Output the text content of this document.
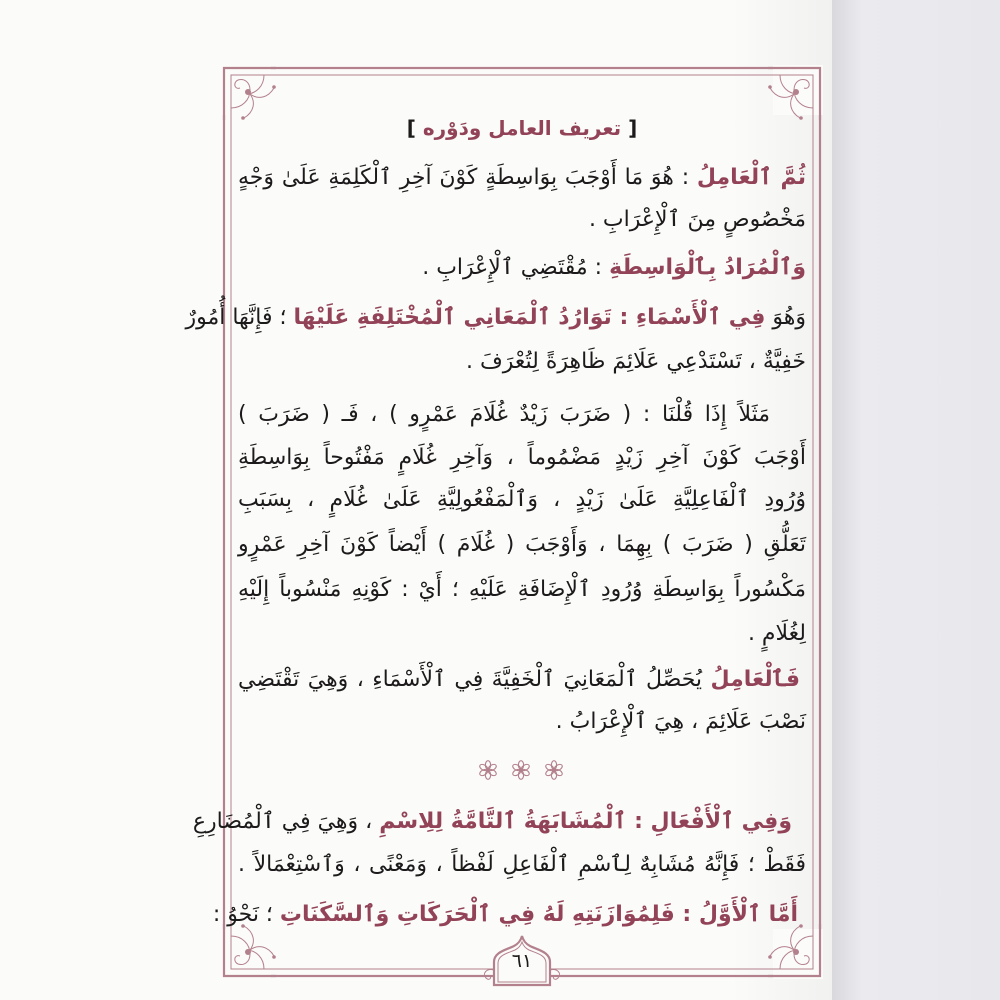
[ تعريف العامل ودَوْره ]
ثُمَّ ٱلْعَامِلُ : هُوَ مَا أَوْجَبَ بِوَاسِطَةٍ كَوْنَ آخِرِ ٱلْكَلِمَةِ عَلَىٰ وَجْهٍ
مَخْصُوصٍ مِنَ ٱلْإِعْرَابِ .
وَٱلْمُرَادُ بِٱلْوَاسِطَةِ : مُقْتَضِي ٱلْإِعْرَابِ .
وَهُوَ فِي ٱلْأَسْمَاءِ : تَوَارُدُ ٱلْمَعَانِي ٱلْمُخْتَلِفَةِ عَلَيْهَا ؛ فَإِنَّهَا أُمُورٌ
خَفِيَّةٌ ، تَسْتَدْعِي عَلَائِمَ ظَاهِرَةً لِتُعْرَفَ .
مَثَلاً إِذَا قُلْنَا : ( ضَرَبَ زَيْدٌ غُلَامَ عَمْرٍو ) ، فَـ ( ضَرَبَ )
أَوْجَبَ كَوْنَ آخِرِ زَيْدٍ مَضْمُوماً ، وَآخِرِ غُلَامٍ مَفْتُوحاً بِوَاسِطَةِ
وُرُودِ ٱلْفَاعِلِيَّةِ عَلَىٰ زَيْدٍ ، وَٱلْمَفْعُولِيَّةِ عَلَىٰ غُلَامٍ ، بِسَبَبِ
تَعَلُّقِ ( ضَرَبَ ) بِهِمَا ، وَأَوْجَبَ ( غُلَامَ ) أَيْضاً كَوْنَ آخِرِ عَمْرٍو
مَكْسُوراً بِوَاسِطَةِ وُرُودِ ٱلْإِضَافَةِ عَلَيْهِ ؛ أَيْ : كَوْنِهِ مَنْسُوباً إِلَيْهِ
لِغُلَامٍ .
فَٱلْعَامِلُ يُحَصِّلُ ٱلْمَعَانِيَ ٱلْخَفِيَّةَ فِي ٱلْأَسْمَاءِ ، وَهِيَ تَقْتَضِي
نَصْبَ عَلَائِمَ ، هِيَ ٱلْإِعْرَابُ .
وَفِي ٱلْأَفْعَالِ : ٱلْمُشَابَهَةُ ٱلتَّامَّةُ لِلِاسْمِ ، وَهِيَ فِي ٱلْمُضَارِعِ
فَقَطْ ؛ فَإِنَّهُ مُشَابِهٌ لِٱسْمِ ٱلْفَاعِلِ لَفْظاً ، وَمَعْنًى ، وَٱسْتِعْمَالاً .
أَمَّا ٱلْأَوَّلُ : فَلِمُوَازَنَتِهِ لَهُ فِي ٱلْحَرَكَاتِ وَٱلسَّكَنَاتِ ؛ نَحْوُ :
٦١
